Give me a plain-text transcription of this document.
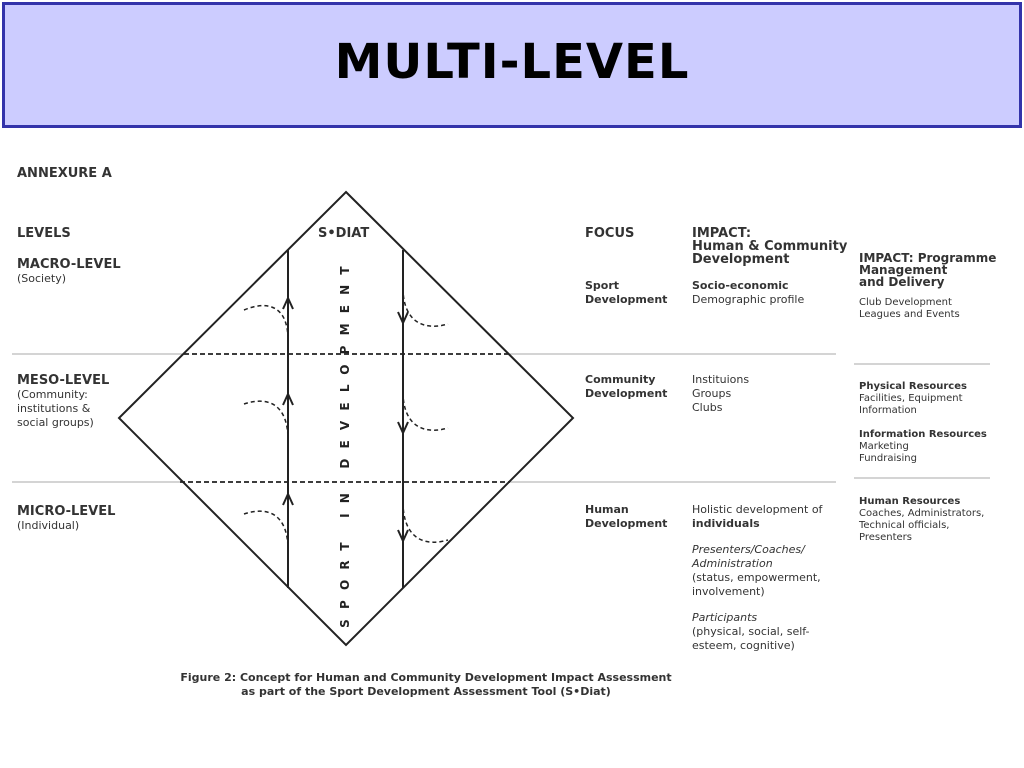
MULTI-LEVEL
SPORT IN DEVELOPMENT
ANNEXURE A
LEVELS	S•DIAT
MACRO-LEVEL
(Society)
MESO-LEVEL
(Community:
institutions &
social groups)
MICRO-LEVEL
(Individual)
FOCUS
Sport
Development
Community
Development
Human
Development
IMPACT:
Human & Community
Development
Socio-economic
Demographic profile
Instituions
Groups
Clubs
Holistic development of
individuals
Presenters/Coaches/
Administration
(status, empowerment,
involvement)
Participants
(physical, social, self-
esteem, cognitive)
IMPACT: Programme
Management
and Delivery
Club Development
Leagues and Events
Physical Resources
Facilities, Equipment
Information
Information Resources
Marketing
Fundraising
Human Resources
Coaches, Administrators,
Technical officials,
Presenters
Figure 2: Concept for Human and Community Development Impact Assessment
as part of the Sport Development Assessment Tool (S•Diat)
